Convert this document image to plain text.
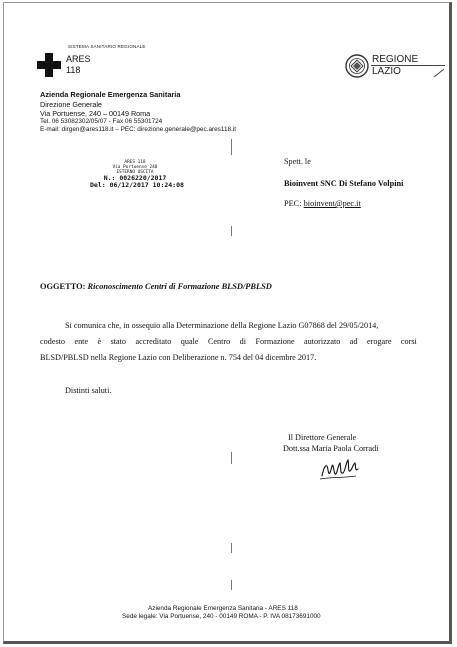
SISTEMA SANITARIO REGIONALE
ARES
118
REGIONE
LAZIO
Azienda Regionale Emergenza Sanitaria
Direzione Generale
Via Portuense, 240 – 00149 Roma
Tel. 06 53082302/05/07 - Fax 06 55301724
E-mail: dirgen@ares118.it – PEC: direzione.generale@pec.ares118.it
ARES 118
Via Portuense 240
ESTERNO USCITA
N.: 0026220/2017
Del: 06/12/2017 10:24:08
Spett. le
Bioinvent SNC Di Stefano Volpini
PEC: bioinvent@pec.it
OGGETTO: Riconoscimento Centri di Formazione BLSD/PBLSD
Si comunica che, in ossequio alla Determinazione della Regione Lazio G07868 del 29/05/2014,
codesto ente è stato accreditato quale Centro di Formazione autorizzato ad erogare corsi
BLSD/PBLSD nella Regione Lazio con Deliberazione n. 754 del 04 dicembre 2017.
Distinti saluti.
Il Direttore Generale
Dott.ssa Maria Paola Corradi
Azienda Regionale Emergenza Sanitaria - ARES 118
Sede legale: Via Portuense, 240 - 00149 ROMA - P. IVA 08173691000
